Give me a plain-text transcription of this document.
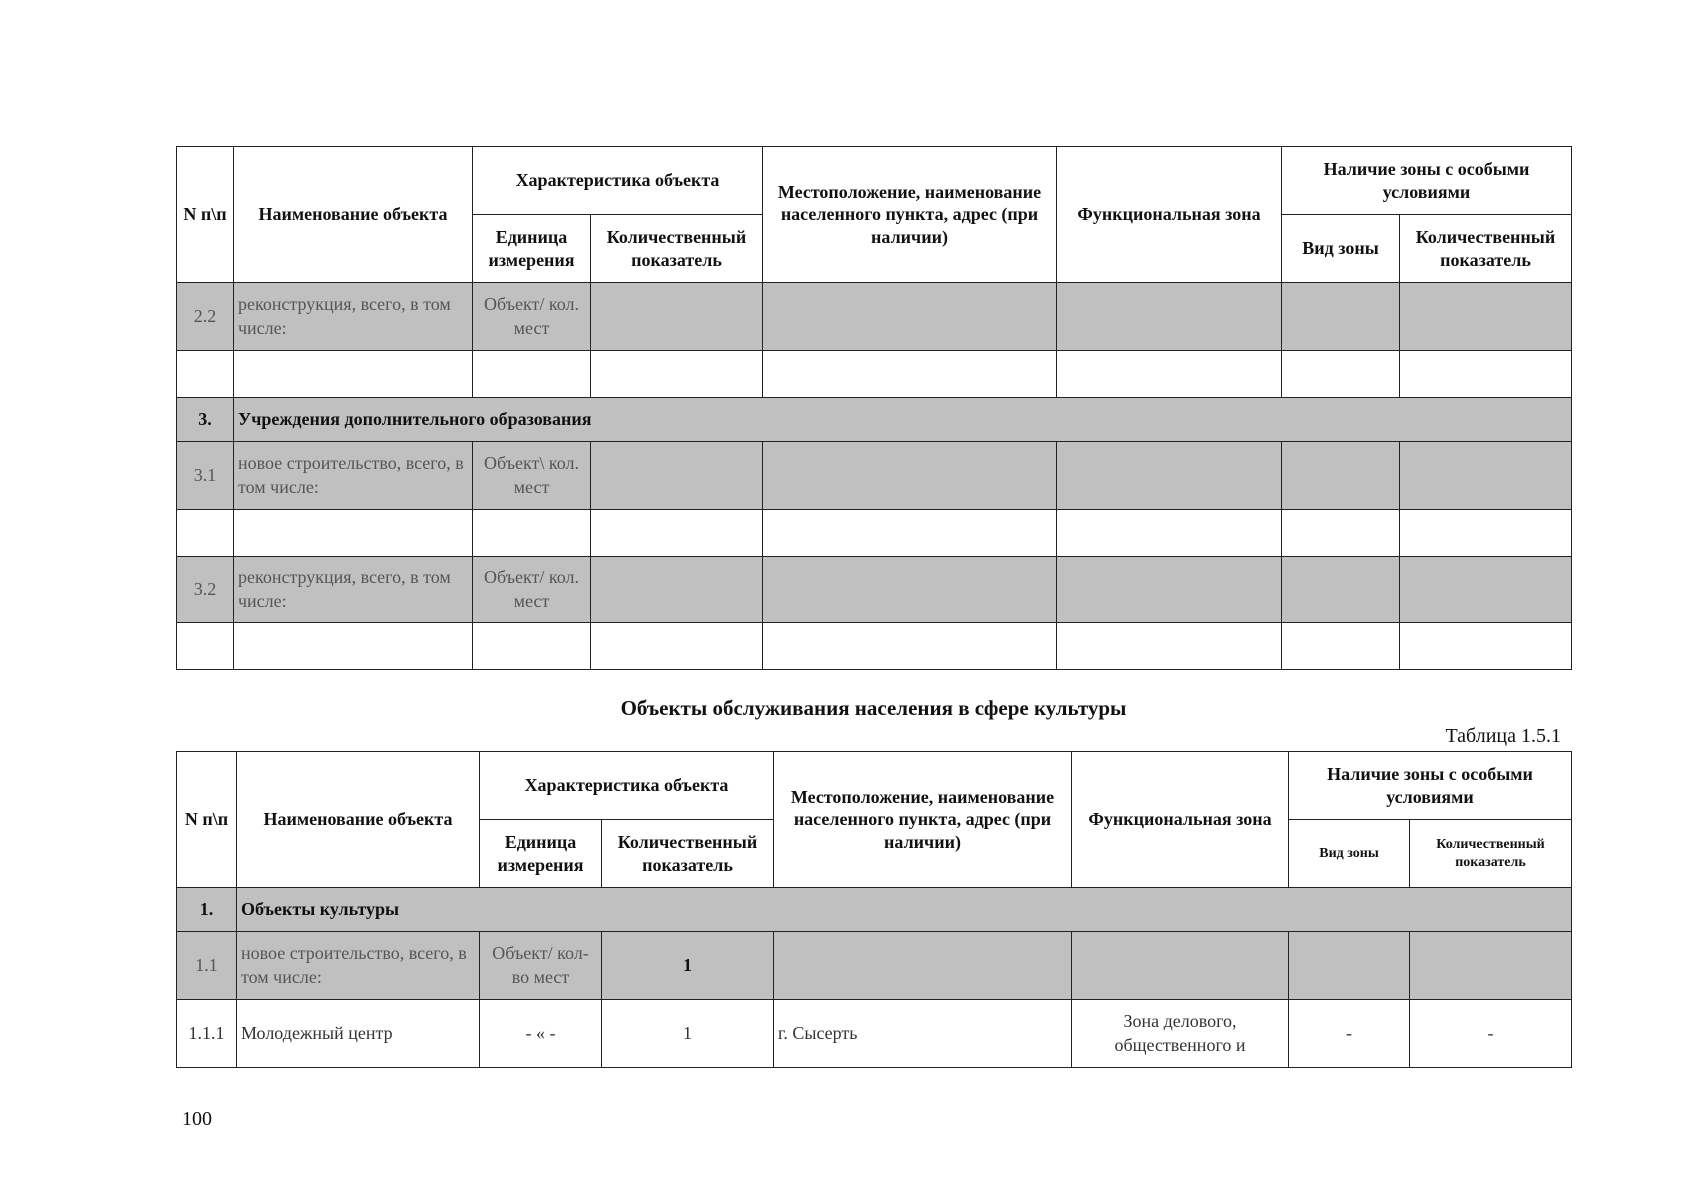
N п\п	Наименование объекта	Характеристика объекта		Местоположение, наименование населенного пункта, адрес (при наличии)	Функциональная зона	Наличие зоны с особыми условиями	
		Единица измерения	Количественный показатель			Вид зоны	Количественный показатель
2.2	реконструкция, всего, в том числе:	Объект/ кол. мест					

3.	Учреждения дополнительного образования						
3.1	новое строительство, всего, в том числе:	Объект\ кол. мест					

3.2	реконструкция, всего, в том числе:	Объект/ кол. мест					

Объекты обслуживания населения в сфере культуры
Таблица 1.5.1
N п\п	Наименование объекта	Характеристика объекта		Местоположение, наименование населенного пункта, адрес (при наличии)	Функциональная зона	Наличие зоны с особыми условиями	
		Единица измерения	Количественный показатель			Вид зоны	Количественный показатель
1.	Объекты культуры						
1.1	новое строительство, всего, в том числе:	Объект/ кол-во мест	1				
1.1.1	Молодежный центр	- « -	1	г. Сысерть	Зона делового, общественного и	-	-
100
